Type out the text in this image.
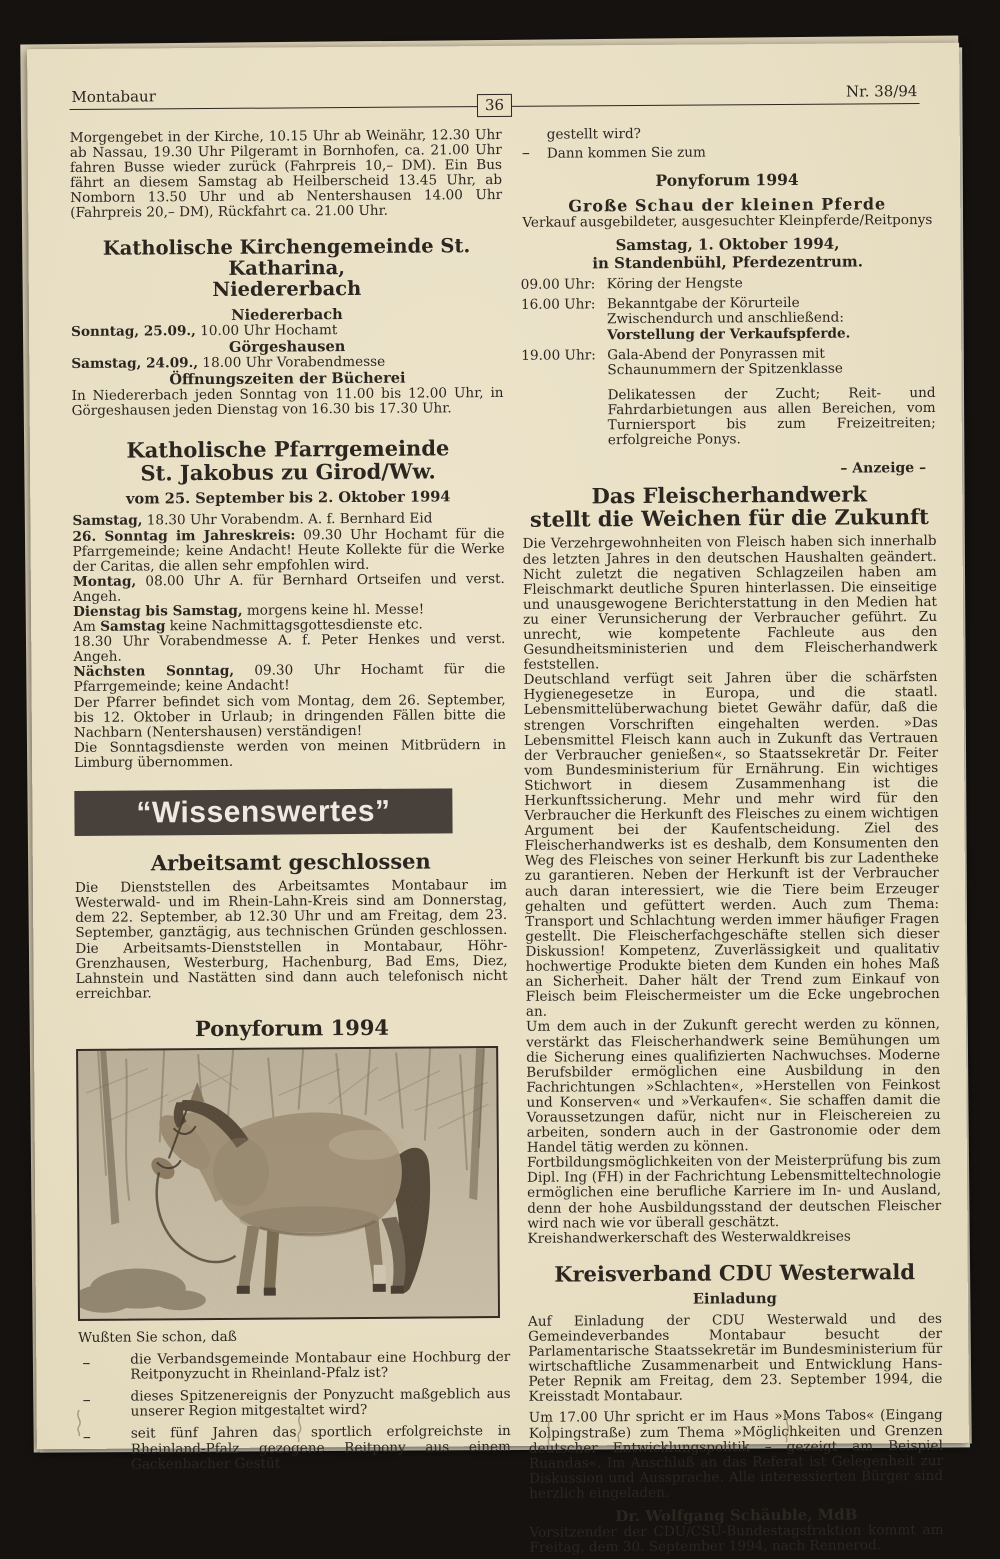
Montabaur	Nr. 38/94
36

Morgengebet in der Kirche, 10.15 Uhr ab Weinähr, 12.30 Uhr ab Nassau, 19.30 Uhr Pilgeramt in Bornhofen, ca. 21.00 Uhr fahren Busse wieder zurück (Fahrpreis 10,– DM). Ein Bus fährt an diesem Samstag ab Heilberscheid 13.45 Uhr, ab Nomborn 13.50 Uhr und ab Nentershausen 14.00 Uhr (Fahrpreis 20,– DM), Rückfahrt ca. 21.00 Uhr.

Katholische Kirchengemeinde St. Katharina,
Niedererbach

Niedererbach

Sonntag, 25.09., 10.00 Uhr Hochamt

Görgeshausen

Samstag, 24.09., 18.00 Uhr Vorabendmesse

Öffnungszeiten der Bücherei

In Niedererbach jeden Sonntag von 11.00 bis 12.00 Uhr, in Görgeshausen jeden Dienstag von 16.30 bis 17.30 Uhr.

Katholische Pfarrgemeinde
St. Jakobus zu Girod/Ww.

vom 25. September bis 2. Oktober 1994

Samstag, 18.30 Uhr Vorabendm. A. f. Bernhard Eid

26. Sonntag im Jahreskreis: 09.30 Uhr Hochamt für die Pfarrgemeinde; keine Andacht! Heute Kollekte für die Werke der Caritas, die allen sehr empfohlen wird.

Montag, 08.00 Uhr A. für Bernhard Ortseifen und verst. Angeh.

Dienstag bis Samstag, morgens keine hl. Messe!

Am Samstag keine Nachmittagsgottesdienste etc.

18.30 Uhr Vorabendmesse A. f. Peter Henkes und verst. Angeh.

Nächsten Sonntag, 09.30 Uhr Hochamt für die Pfarrgemeinde; keine Andacht!

Der Pfarrer befindet sich vom Montag, dem 26. September, bis 12. Oktober in Urlaub; in dringenden Fällen bitte die Nachbarn (Nentershausen) verständigen!

Die Sonntagsdienste werden von meinen Mitbrüdern in Limburg übernommen.

“Wissenswertes”

Arbeitsamt geschlossen

Die Dienststellen des Arbeitsamtes Montabaur im Westerwald- und im Rhein-Lahn-Kreis sind am Donnerstag, dem 22. September, ab 12.30 Uhr und am Freitag, dem 23. September, ganztägig, aus technischen Gründen geschlossen. Die Arbeitsamts-Dienststellen in Montabaur, Höhr-Grenzhausen, Westerburg, Hachenburg, Bad Ems, Diez, Lahnstein und Nastätten sind dann auch telefonisch nicht erreichbar.

Ponyforum 1994

Wußten Sie schon, daß

–	die Verbandsgemeinde Montabaur eine Hochburg der Reitponyzucht in Rheinland-Pfalz ist?
–	dieses Spitzenereignis der Ponyzucht maßgeblich aus unserer Region mitgestaltet wird?
–	seit fünf Jahren das sportlich erfolgreichste in Rheinland-Pfalz gezogene Reitpony aus einem Gackenbacher Gestüt

gestellt wird?

– Dann kommen Sie zum

Ponyforum 1994

Große Schau der kleinen Pferde

Verkauf ausgebildeter, ausgesuchter Kleinpferde/Reitponys

Samstag, 1. Oktober 1994,
in Standenbühl, Pferdezentrum.

09.00 Uhr: Köring der Hengste

16.00 Uhr: Bekanntgabe der Körurteile

Zwischendurch und anschließend:

Vorstellung der Verkaufspferde.

19.00 Uhr: Gala-Abend der Ponyrassen mit Schaunummern der Spitzenklasse

Delikatessen der Zucht; Reit- und Fahrdarbietungen aus allen Bereichen, vom Turniersport bis zum Freizeitreiten; erfolgreiche Ponys.

– Anzeige –

Das Fleischerhandwerk
stellt die Weichen für die Zukunft

Die Verzehrgewohnheiten von Fleisch haben sich innerhalb des letzten Jahres in den deutschen Haushalten geändert. Nicht zuletzt die negativen Schlagzeilen haben am Fleischmarkt deutliche Spuren hinterlassen. Die einseitige und unausgewogene Berichterstattung in den Medien hat zu einer Verunsicherung der Verbraucher geführt. Zu unrecht, wie kompetente Fachleute aus den Gesundheitsministerien und dem Fleischerhandwerk feststellen.

Deutschland verfügt seit Jahren über die schärfsten Hygienegesetze in Europa, und die staatl. Lebensmittelüberwachung bietet Gewähr dafür, daß die strengen Vorschriften eingehalten werden. »Das Lebensmittel Fleisch kann auch in Zukunft das Vertrauen der Verbraucher genießen«, so Staatssekretär Dr. Feiter vom Bundesministerium für Ernährung. Ein wichtiges Stichwort in diesem Zusammenhang ist die Herkunftssicherung. Mehr und mehr wird für den Verbraucher die Herkunft des Fleisches zu einem wichtigen Argument bei der Kaufentscheidung. Ziel des Fleischerhandwerks ist es deshalb, dem Konsumenten den Weg des Fleisches von seiner Herkunft bis zur Ladentheke zu garantieren. Neben der Herkunft ist der Verbraucher auch daran interessiert, wie die Tiere beim Erzeuger gehalten und gefüttert werden. Auch zum Thema: Transport und Schlachtung werden immer häufiger Fragen gestellt. Die Fleischerfachgeschäfte stellen sich dieser Diskussion! Kompetenz, Zuverlässigkeit und qualitativ hochwertige Produkte bieten dem Kunden ein hohes Maß an Sicherheit. Daher hält der Trend zum Einkauf von Fleisch beim Fleischermeister um die Ecke ungebrochen an.

Um dem auch in der Zukunft gerecht werden zu können, verstärkt das Fleischerhandwerk seine Bemühungen um die Sicherung eines qualifizierten Nachwuchses. Moderne Berufsbilder ermöglichen eine Ausbildung in den Fachrichtungen »Schlachten«, »Herstellen von Feinkost und Konserven« und »Verkaufen«. Sie schaffen damit die Voraussetzungen dafür, nicht nur in Fleischereien zu arbeiten, sondern auch in der Gastronomie oder dem Handel tätig werden zu können.

Fortbildungsmöglichkeiten von der Meisterprüfung bis zum Dipl. Ing (FH) in der Fachrichtung Lebensmitteltechnologie ermöglichen eine berufliche Karriere im In- und Ausland, denn der hohe Ausbildungsstand der deutschen Fleischer wird nach wie vor überall geschätzt.

Kreishandwerkerschaft des Westerwaldkreises

Kreisverband CDU Westerwald

Einladung

Auf Einladung der CDU Westerwald und des Gemeindeverbandes Montabaur besucht der Parlamentarische Staatssekretär im Bundesministerium für wirtschaftliche Zusammenarbeit und Entwicklung Hans-Peter Repnik am Freitag, dem 23. September 1994, die Kreisstadt Montabaur.

Um 17.00 Uhr spricht er im Haus »Mons Tabos« (Eingang Kolpingstraße) zum Thema »Möglichkeiten und Grenzen deutscher Entwicklungspolitik – gezeigt am Beispiel Ruandas«. Im Anschluß an das Referat ist Gelegenheit zur Diskussion und Aussprache. Alle interessierten Bürger sind herzlich eingeladen.

Dr. Wolfgang Schäuble, MdB

Vorsitzender der CDU/CSU-Bundestagsfraktion kommt am Freitag, dem 30. September 1994, nach Rennerod.
